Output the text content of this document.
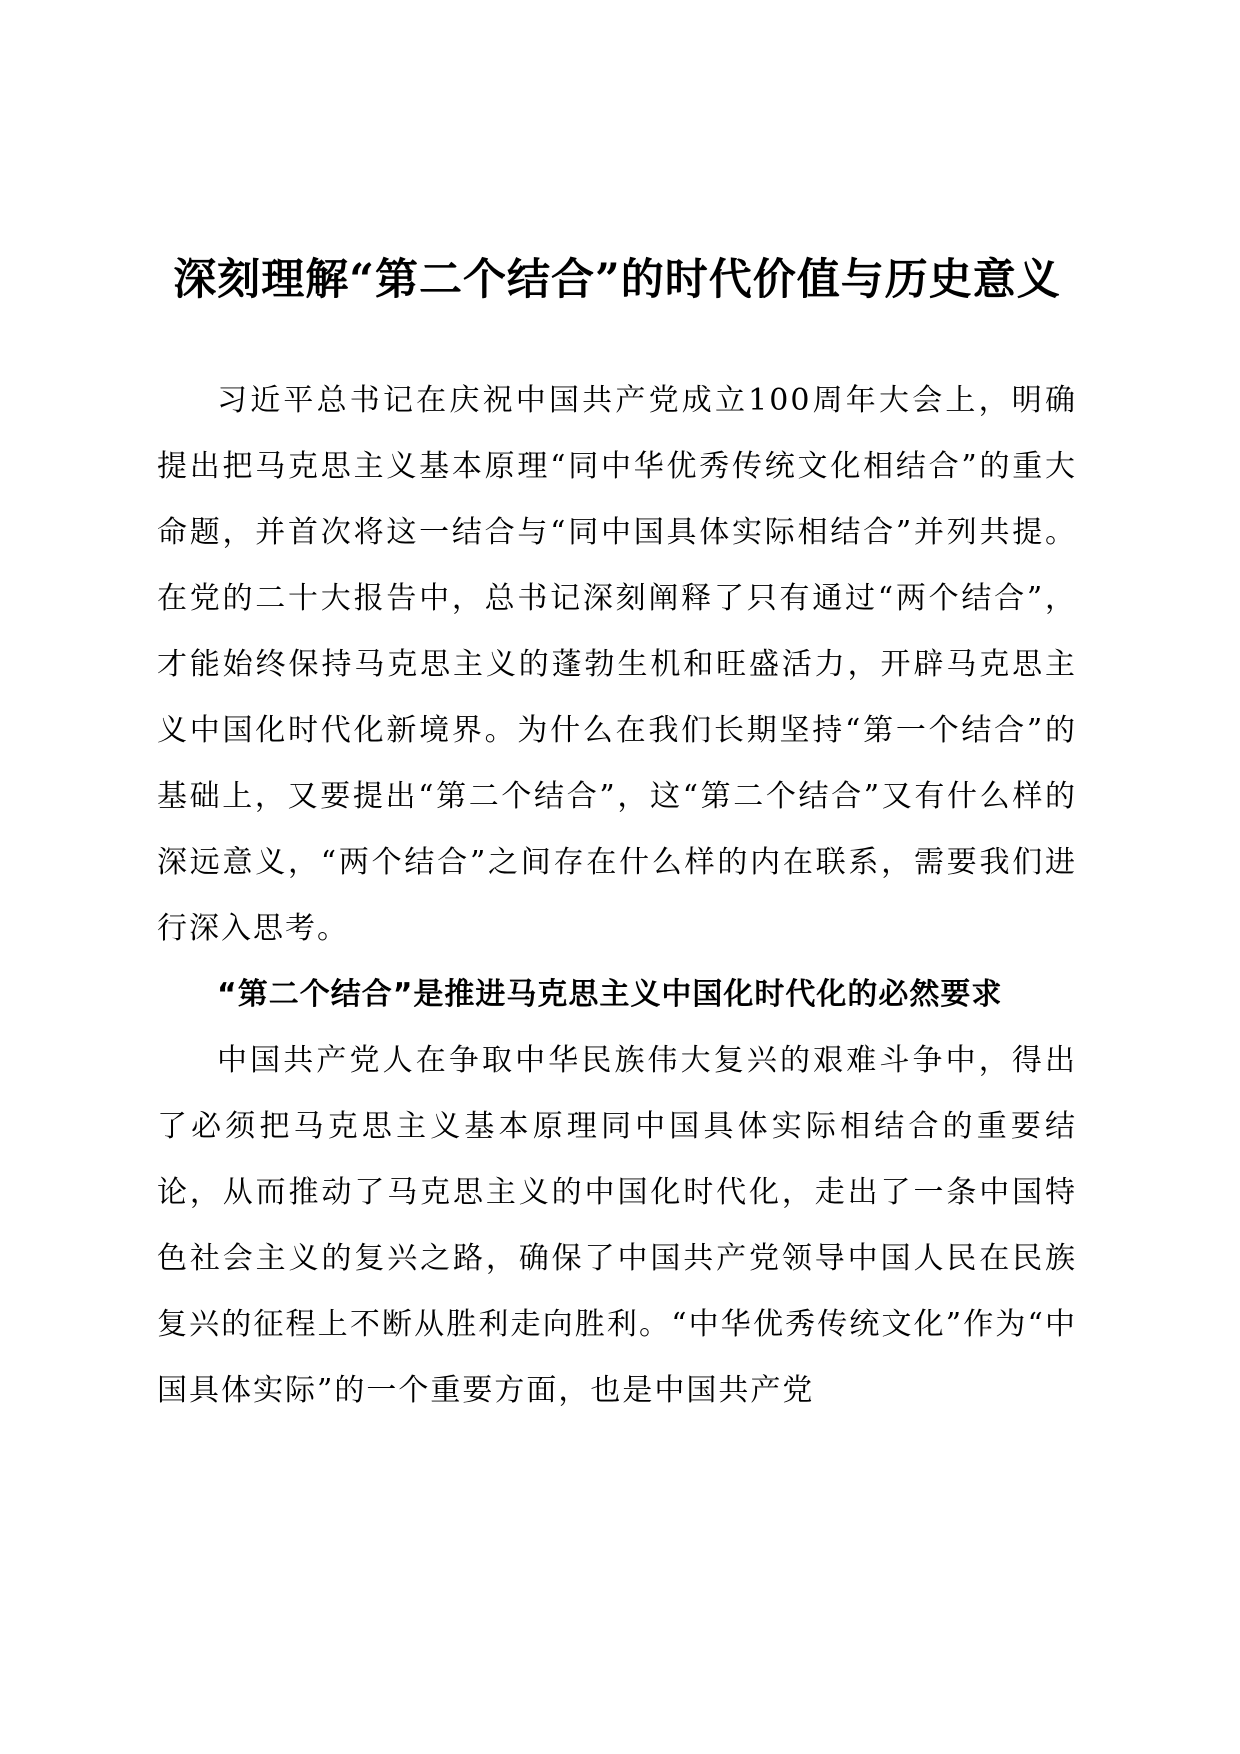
深刻理解“第二个结合”的时代价值与历史意义

习近平总书记在庆祝中国共产党成立100周年大会上，明确提出把马克思主义基本原理“同中华优秀传统文化相结合”的重大命题，并首次将这一结合与“同中国具体实际相结合”并列共提。在党的二十大报告中，总书记深刻阐释了只有通过“两个结合”，才能始终保持马克思主义的蓬勃生机和旺盛活力，开辟马克思主义中国化时代化新境界。为什么在我们长期坚持“第一个结合”的基础上，又要提出“第二个结合”，这“第二个结合”又有什么样的深远意义，“两个结合”之间存在什么样的内在联系，需要我们进行深入思考。

“第二个结合”是推进马克思主义中国化时代化的必然要求

中国共产党人在争取中华民族伟大复兴的艰难斗争中，得出了必须把马克思主义基本原理同中国具体实际相结合的重要结论，从而推动了马克思主义的中国化时代化，走出了一条中国特色社会主义的复兴之路，确保了中国共产党领导中国人民在民族复兴的征程上不断从胜利走向胜利。“中华优秀传统文化”作为“中国具体实际”的一个重要方面，也是中国共产党
